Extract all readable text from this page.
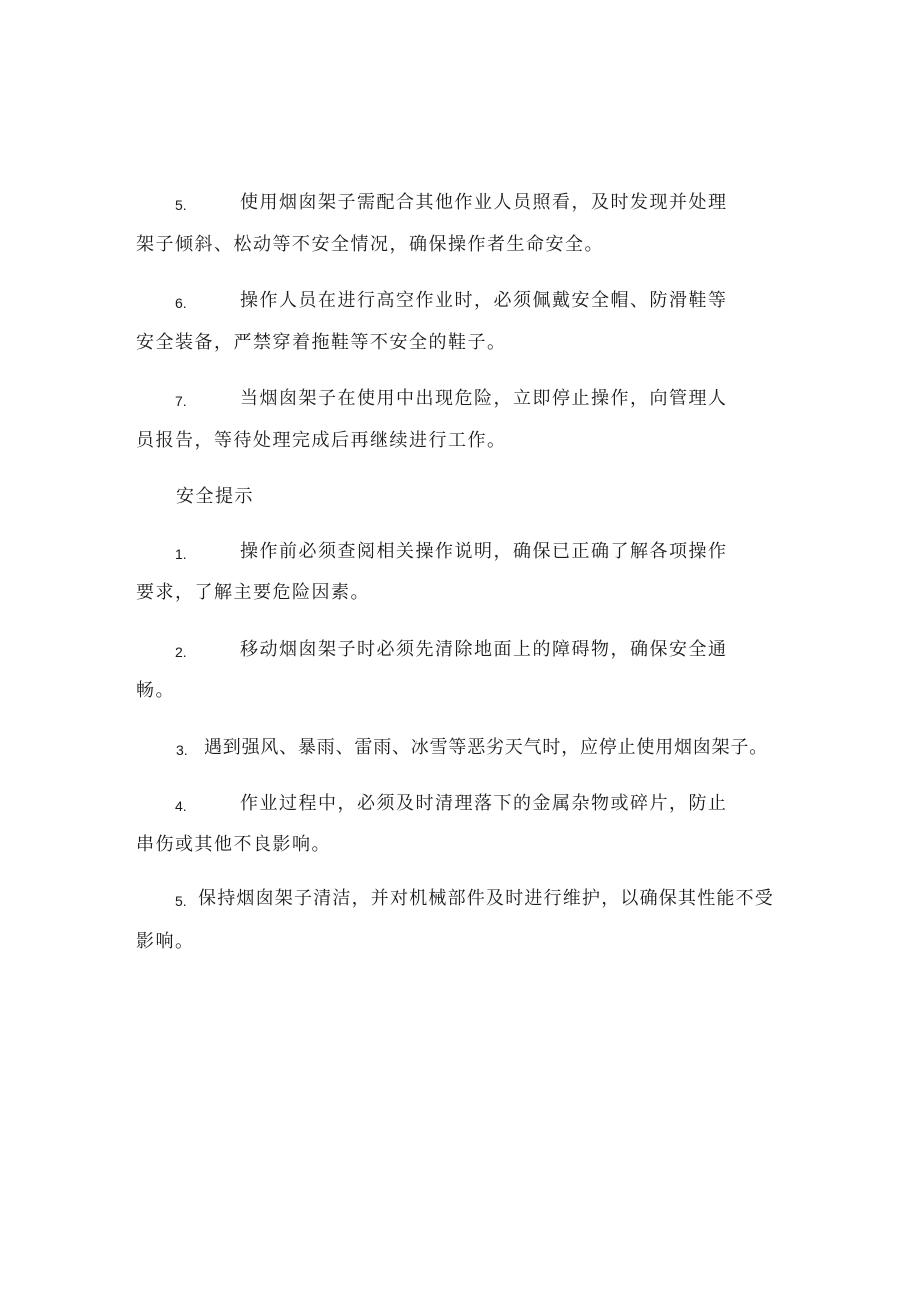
5.	使用烟囱架子需配合其他作业人员照看，及时发现并处理
架子倾斜、松动等不安全情况，确保操作者生命安全。
6.	操作人员在进行高空作业时，必须佩戴安全帽、防滑鞋等
安全装备，严禁穿着拖鞋等不安全的鞋子。
7.	当烟囱架子在使用中出现危险，立即停止操作，向管理人
员报告，等待处理完成后再继续进行工作。
安全提示
1.	操作前必须查阅相关操作说明，确保已正确了解各项操作
要求，了解主要危险因素。
2.	移动烟囱架子时必须先清除地面上的障碍物，确保安全通
畅。
3. 遇到强风、暴雨、雷雨、冰雪等恶劣天气时，应停止使用烟囱架子。
4.	作业过程中，必须及时清理落下的金属杂物或碎片，防止
串伤或其他不良影响。
5. 保持烟囱架子清洁，并对机械部件及时进行维护，以确保其性能不受
影响。
